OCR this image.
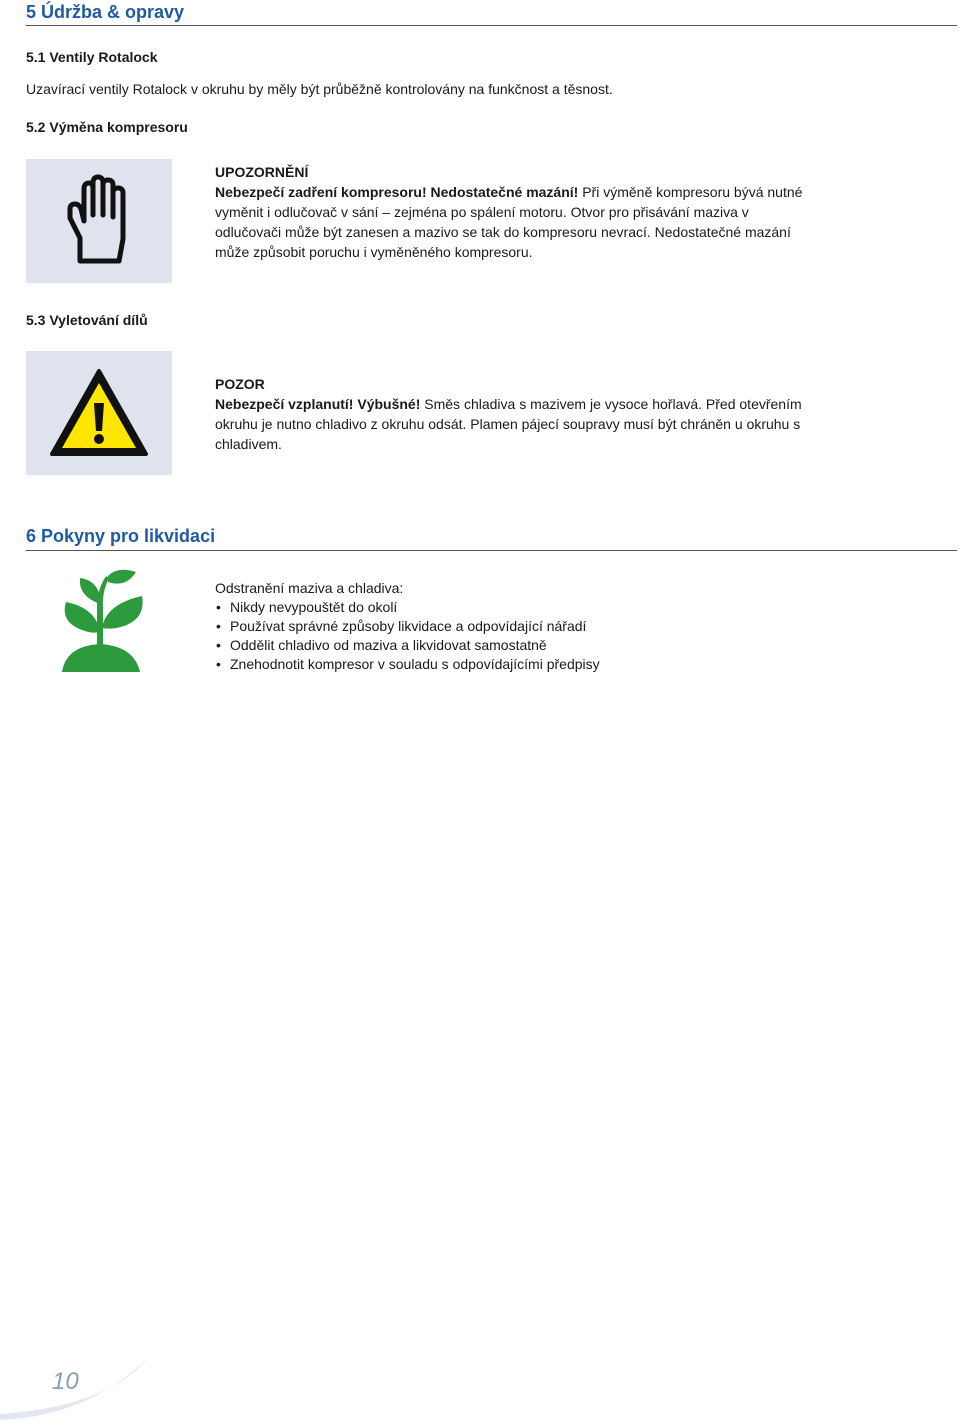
5 Údržba & opravy
5.1 Ventily Rotalock
Uzavírací ventily Rotalock v okruhu by měly být průběžně kontrolovány na funkčnost a těsnost.
5.2 Výměna kompresoru
UPOZORNĚNÍ
Nebezpečí zadření kompresoru! Nedostatečné mazání! Při výměně kompresoru bývá nutné vyměnit i odlučovač v sání – zejména po spálení motoru. Otvor pro přisávání maziva v odlučovači může být zanesen a mazivo se tak do kompresoru nevrací. Nedostatečné mazání může způsobit poruchu i vyměněného kompresoru.
5.3 Vyletování dílů
POZOR
Nebezpečí vzplanutí! Výbušné! Směs chladiva s mazivem je vysoce hořlavá. Před otevřením okruhu je nutno chladivo z okruhu odsát. Plamen pájecí soupravy musí být chráněn u okruhu s chladivem.
6 Pokyny pro likvidaci
Odstranění maziva a chladiva:
• Nikdy nevypouštět do okolí
• Používat správné způsoby likvidace a odpovídající nářadí
• Oddělit chladivo od maziva a likvidovat samostatně
• Znehodnotit kompresor v souladu s odpovídajícími předpisy
10
